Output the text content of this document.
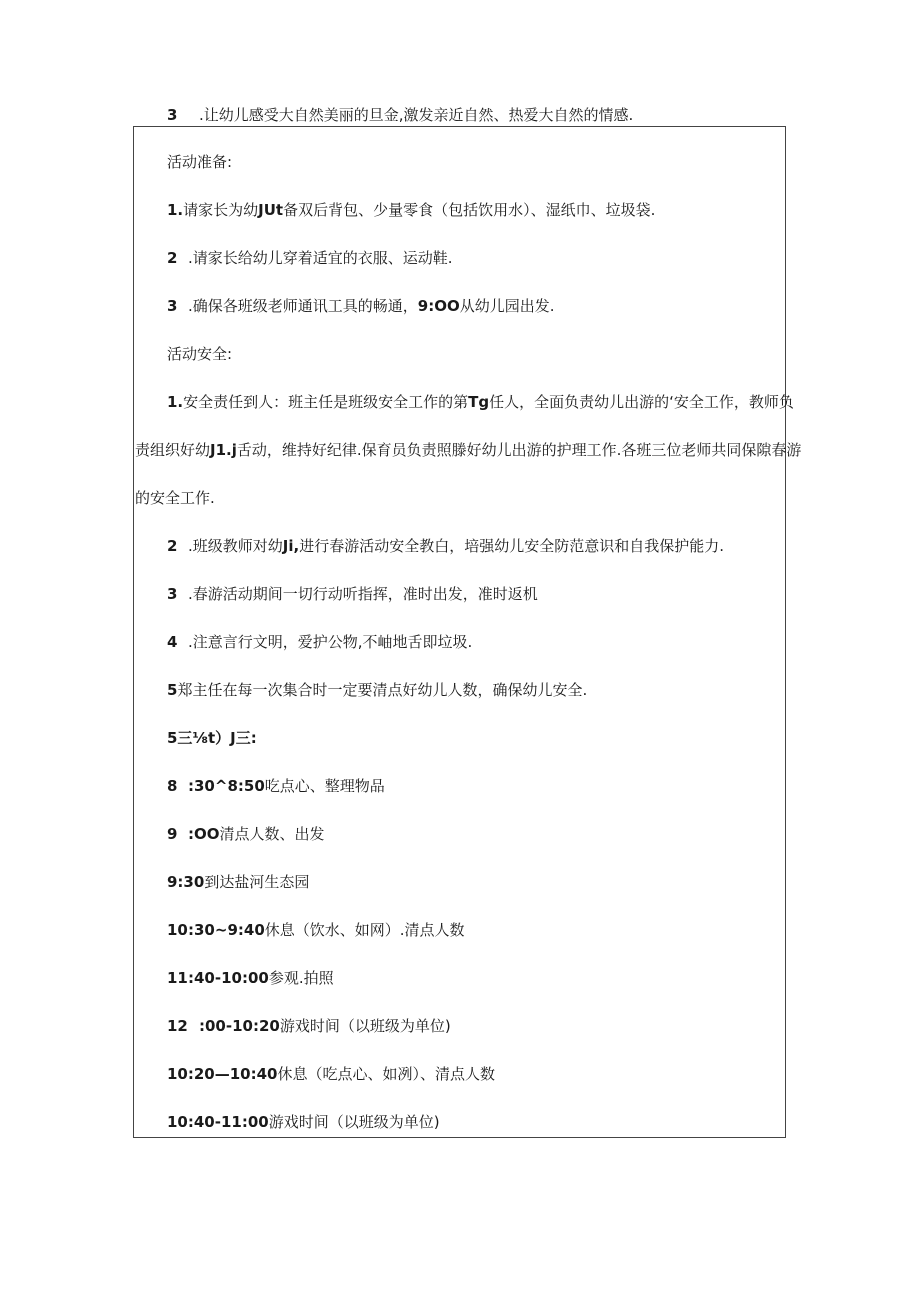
3 .让幼儿感受大自然美丽的旦金,激发亲近自然、热爱大自然的情感.
活动准备:
1.请家长为幼JUt备双后背包、少量零食（包括饮用水）、湿纸巾、垃圾袋.
2 .请家长给幼儿穿着适宜的衣服、运动鞋.
3 .确保各班级老师通讯工具的畅通，9:OO从幼儿园出发.
活动安全:
1.安全责任到人：班主任是班级安全工作的第Tg任人，全面负责幼儿出游的‘安全工作，教师负
责组织好幼J1.j舌动，维持好纪律.保育员负责照滕好幼儿出游的护理工作.各班三位老师共同保隙春游
的安全工作.
2 .班级教师对幼Ji,进行春游活动安全教白，培强幼儿安全防范意识和自我保护能力.
3 .春游活动期间一切行动听指挥，准时出发，准时返机
4 .注意言行文明，爱护公物,不岫地舌即垃圾.
5郑主任在每一次集合时一定要清点好幼儿人数，确保幼儿安全.
5三⅛t）J三:
8 :30^8:50吃点心、整理物品
9 :OO清点人数、出发
9:30到达盐河生态园
10:30~9:40休息（饮水、如网）.清点人数
11:40-10:00参观.拍照
12 :00-10:20游戏时间（以班级为单位)
10:20—10:40休息（吃点心、如冽）、清点人数
10:40-11:00游戏时间（以班级为单位)
